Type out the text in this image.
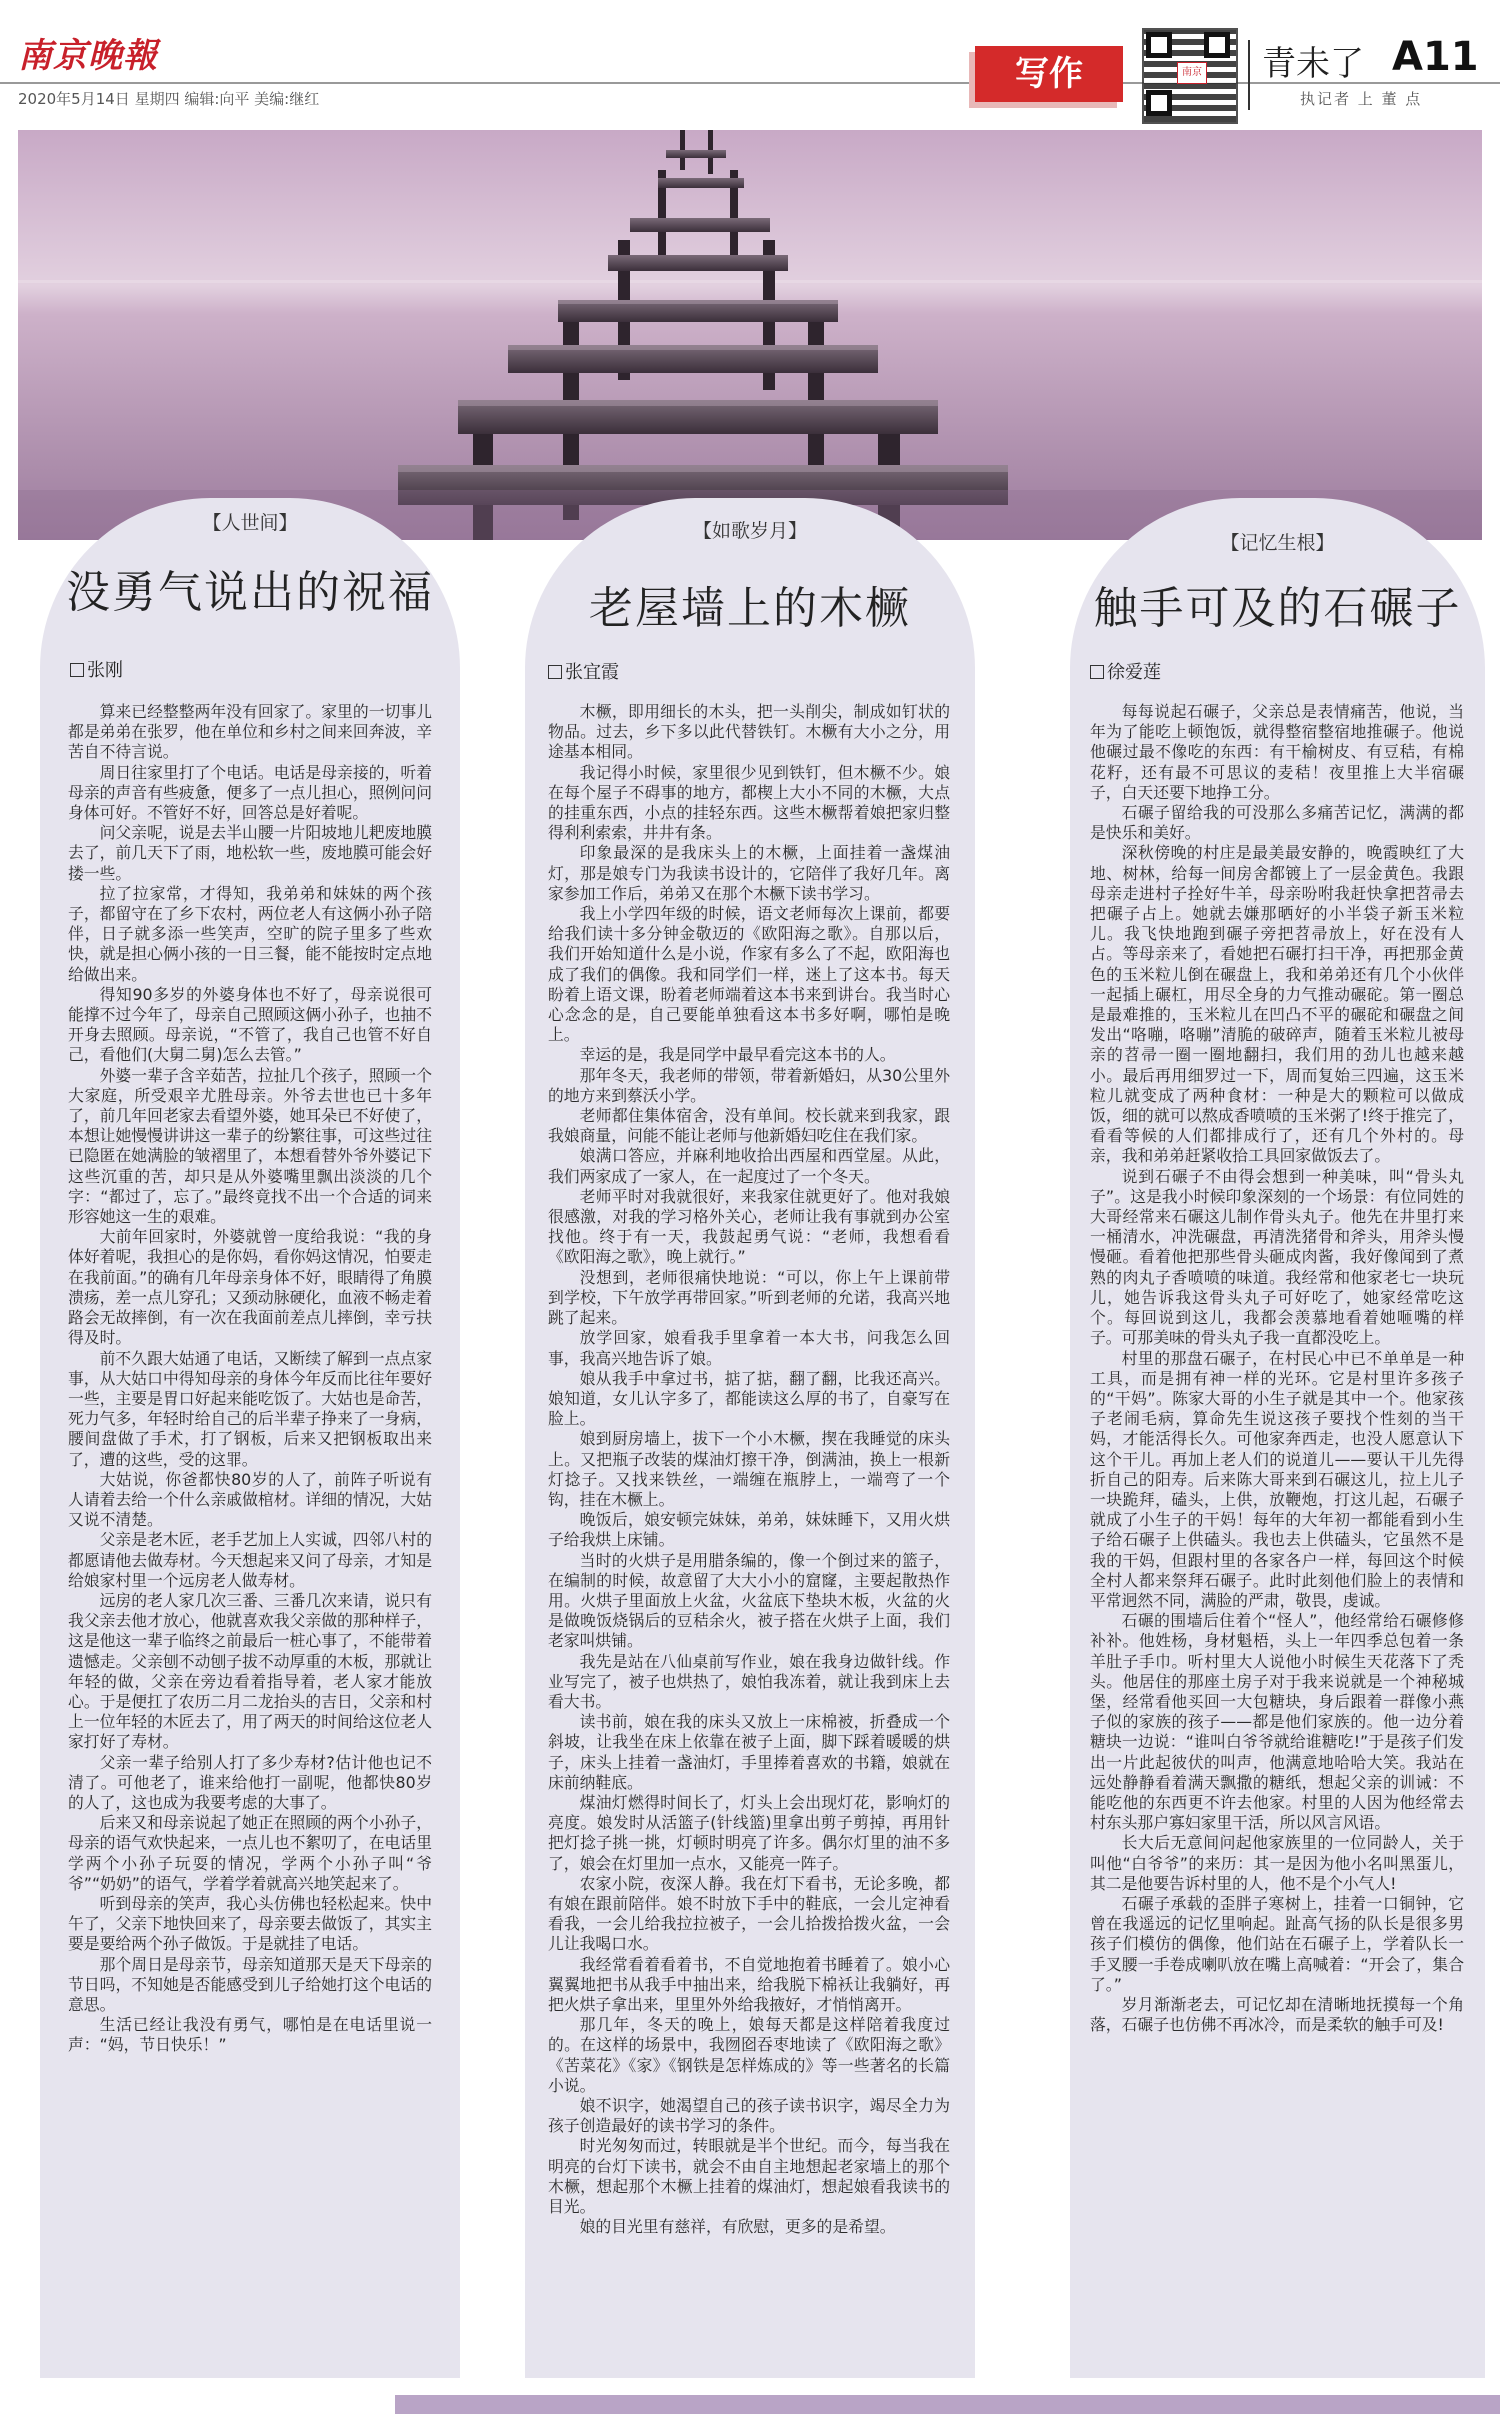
南京晚報
2020年5月14日 星期四 编辑:向平 美编:继红
写作	南京 青未了 A11
执记者 上 董 点
【人世间】
没勇气说出的祝福
张刚

算来已经整整两年没有回家了。家里的一切事儿都是弟弟在张罗，他在单位和乡村之间来回奔波，辛苦自不待言说。

周日往家里打了个电话。电话是母亲接的，听着母亲的声音有些疲惫，便多了一点儿担心，照例问问身体可好。不管好不好，回答总是好着呢。

问父亲呢，说是去半山腰一片阳坡地儿耙废地膜去了，前几天下了雨，地松软一些，废地膜可能会好搂一些。

拉了拉家常，才得知，我弟弟和妹妹的两个孩子，都留守在了乡下农村，两位老人有这俩小孙子陪伴，日子就多添一些笑声，空旷的院子里多了些欢快，就是担心俩小孩的一日三餐，能不能按时定点地给做出来。

得知90多岁的外婆身体也不好了，母亲说很可能撑不过今年了，母亲自己照顾这俩小孙子，也抽不开身去照顾。母亲说，“不管了，我自己也管不好自己，看他们(大舅二舅)怎么去管。”

外婆一辈子含辛茹苦，拉扯几个孩子，照顾一个大家庭，所受艰辛尤胜母亲。外爷去世也已十多年了，前几年回老家去看望外婆，她耳朵已不好使了，本想让她慢慢讲讲这一辈子的纷繁往事，可这些过往已隐匿在她满脸的皱褶里了，本想看替外爷外婆记下这些沉重的苦，却只是从外婆嘴里飘出淡淡的几个字：“都过了，忘了。”最终竟找不出一个合适的词来形容她这一生的艰难。

大前年回家时，外婆就曾一度给我说：“我的身体好着呢，我担心的是你妈，看你妈这情况，怕要走在我前面。”的确有几年母亲身体不好，眼睛得了角膜溃疡，差一点儿穿孔；又颈动脉硬化，血液不畅走着路会无故摔倒，有一次在我面前差点儿摔倒，幸亏扶得及时。

前不久跟大姑通了电话，又断续了解到一点点家事，从大姑口中得知母亲的身体今年反而比往年要好一些，主要是胃口好起来能吃饭了。大姑也是命苦，死力气多，年轻时给自己的后半辈子挣来了一身病，腰间盘做了手术，打了钢板，后来又把钢板取出来了，遭的这些，受的这罪。

大姑说，你爸都快80岁的人了，前阵子听说有人请着去给一个什么亲戚做棺材。详细的情况，大姑又说不清楚。

父亲是老木匠，老手艺加上人实诚，四邻八村的都愿请他去做寿材。今天想起来又问了母亲，才知是给娘家村里一个远房老人做寿材。

远房的老人家几次三番、三番几次来请，说只有我父亲去他才放心，他就喜欢我父亲做的那种样子，这是他这一辈子临终之前最后一桩心事了，不能带着遗憾走。父亲刨不动刨子拔不动厚重的木板，那就让年轻的做，父亲在旁边看着指导着，老人家才能放心。于是便扛了农历二月二龙抬头的吉日，父亲和村上一位年轻的木匠去了，用了两天的时间给这位老人家打好了寿材。

父亲一辈子给别人打了多少寿材?估计他也记不清了。可他老了，谁来给他打一副呢，他都快80岁的人了，这也成为我要考虑的大事了。

后来又和母亲说起了她正在照顾的两个小孙子，母亲的语气欢快起来，一点儿也不絮叨了，在电话里学两个小孙子玩耍的情况，学两个小孙子叫“爷爷”“奶奶”的语气，学着学着就高兴地笑起来了。

听到母亲的笑声，我心头仿佛也轻松起来。快中午了，父亲下地快回来了，母亲要去做饭了，其实主要是要给两个孙子做饭。于是就挂了电话。

那个周日是母亲节，母亲知道那天是天下母亲的节日吗，不知她是否能感受到儿子给她打这个电话的意思。

生活已经让我没有勇气，哪怕是在电话里说一声：“妈，节日快乐！”

【如歌岁月】
老屋墙上的木橛
张宜霞

木橛，即用细长的木头，把一头削尖，制成如钉状的物品。过去，乡下多以此代替铁钉。木橛有大小之分，用途基本相同。

我记得小时候，家里很少见到铁钉，但木橛不少。娘在每个屋子不碍事的地方，都楔上大小不同的木橛，大点的挂重东西，小点的挂轻东西。这些木橛帮着娘把家归整得利利索索，井井有条。

印象最深的是我床头上的木橛，上面挂着一盏煤油灯，那是娘专门为我读书设计的，它陪伴了我好几年。离家参加工作后，弟弟又在那个木橛下读书学习。

我上小学四年级的时候，语文老师每次上课前，都要给我们读十多分钟金敬迈的《欧阳海之歌》。自那以后，我们开始知道什么是小说，作家有多么了不起，欧阳海也成了我们的偶像。我和同学们一样，迷上了这本书。每天盼着上语文课，盼着老师端着这本书来到讲台。我当时心心念念的是，自己要能单独看这本书多好啊，哪怕是晚上。

幸运的是，我是同学中最早看完这本书的人。

那年冬天，我老师的带领，带着新婚妇，从30公里外的地方来到蔡沃小学。

老师都住集体宿舍，没有单间。校长就来到我家，跟我娘商量，问能不能让老师与他新婚妇吃住在我们家。

娘满口答应，并麻利地收拾出西屋和西堂屋。从此，我们两家成了一家人，在一起度过了一个冬天。

老师平时对我就很好，来我家住就更好了。他对我娘很感激，对我的学习格外关心，老师让我有事就到办公室找他。终于有一天，我鼓起勇气说：“老师，我想看看《欧阳海之歌》，晚上就行。”

没想到，老师很痛快地说：“可以，你上午上课前带到学校，下午放学再带回家。”听到老师的允诺，我高兴地跳了起来。

放学回家，娘看我手里拿着一本大书，问我怎么回事，我高兴地告诉了娘。

娘从我手中拿过书，掂了掂，翻了翻，比我还高兴。娘知道，女儿认字多了，都能读这么厚的书了，自豪写在脸上。

娘到厨房墙上，拔下一个小木橛，揳在我睡觉的床头上。又把瓶子改装的煤油灯擦干净，倒满油，换上一根新灯捻子。又找来铁丝，一端缠在瓶脖上，一端弯了一个钩，挂在木橛上。

晚饭后，娘安顿完妹妹，弟弟，妹妹睡下，又用火烘子给我烘上床铺。

当时的火烘子是用腊条编的，像一个倒过来的篮子，在编制的时候，故意留了大大小小的窟窿，主要起散热作用。火烘子里面放上火盆，火盆底下垫块木板，火盆的火是做晚饭烧锅后的豆秸余火，被子搭在火烘子上面，我们老家叫烘铺。

我先是站在八仙桌前写作业，娘在我身边做针线。作业写完了，被子也烘热了，娘怕我冻着，就让我到床上去看大书。

读书前，娘在我的床头又放上一床棉被，折叠成一个斜坡，让我坐在床上依靠在被子上面，脚下踩着暖暖的烘子，床头上挂着一盏油灯，手里捧着喜欢的书籍，娘就在床前纳鞋底。

煤油灯燃得时间长了，灯头上会出现灯花，影响灯的亮度。娘发时从活篮子(针线篮)里拿出剪子剪掉，再用针把灯捻子挑一挑，灯顿时明亮了许多。偶尔灯里的油不多了，娘会在灯里加一点水，又能亮一阵子。

农家小院，夜深人静。我在灯下看书，无论多晚，都有娘在跟前陪伴。娘不时放下手中的鞋底，一会儿定神看看我，一会儿给我拉拉被子，一会儿拾拨拾拨火盆，一会儿让我喝口水。

我经常看着看着书，不自觉地抱着书睡着了。娘小心翼翼地把书从我手中抽出来，给我脱下棉袄让我躺好，再把火烘子拿出来，里里外外给我掖好，才悄悄离开。

那几年，冬天的晚上，娘每天都是这样陪着我度过的。在这样的场景中，我囫囵吞枣地读了《欧阳海之歌》《苦菜花》《家》《钢铁是怎样炼成的》等一些著名的长篇小说。

娘不识字，她渴望自己的孩子读书识字，竭尽全力为孩子创造最好的读书学习的条件。

时光匆匆而过，转眼就是半个世纪。而今，每当我在明亮的台灯下读书，就会不由自主地想起老家墙上的那个木橛，想起那个木橛上挂着的煤油灯，想起娘看我读书的目光。

娘的目光里有慈祥，有欣慰，更多的是希望。

【记忆生根】
触手可及的石碾子
徐爱莲

每每说起石碾子，父亲总是表情痛苦，他说，当年为了能吃上顿饱饭，就得整宿整宿地推碾子。他说他碾过最不像吃的东西：有干榆树皮、有豆秸，有棉花籽，还有最不可思议的麦秸！夜里推上大半宿碾子，白天还要下地挣工分。

石碾子留给我的可没那么多痛苦记忆，满满的都是快乐和美好。

深秋傍晚的村庄是最美最安静的，晚霞映红了大地、树林，给每一间房舍都镀上了一层金黄色。我跟母亲走进村子拴好牛羊，母亲吩咐我赶快拿把苕帚去把碾子占上。她就去嫌那晒好的小半袋子新玉米粒儿。我飞快地跑到碾子旁把苕帚放上，好在没有人占。等母亲来了，看她把石碾打扫干净，再把那金黄色的玉米粒儿倒在碾盘上，我和弟弟还有几个小伙伴一起插上碾杠，用尽全身的力气推动碾砣。第一圈总是最难推的，玉米粒儿在凹凸不平的碾砣和碾盘之间发出“咯嘣，咯嘣”清脆的破碎声，随着玉米粒儿被母亲的苕帚一圈一圈地翻扫，我们用的劲儿也越来越小。最后再用细罗过一下，周而复始三四遍，这玉米粒儿就变成了两种食材：一种是大的颗粒可以做成饭，细的就可以熬成香喷喷的玉米粥了!终于推完了，看看等候的人们都排成行了，还有几个外村的。母亲，我和弟弟赶紧收拾工具回家做饭去了。

说到石碾子不由得会想到一种美味，叫“骨头丸子”。这是我小时候印象深刻的一个场景：有位同姓的大哥经常来石碾这儿制作骨头丸子。他先在井里打来一桶清水，冲洗碾盘，再清洗猪骨和斧头，用斧头慢慢砸。看着他把那些骨头砸成肉酱，我好像闻到了煮熟的肉丸子香喷喷的味道。我经常和他家老七一块玩儿，她告诉我这骨头丸子可好吃了，她家经常吃这个。每回说到这儿，我都会羡慕地看着她咂嘴的样子。可那美味的骨头丸子我一直都没吃上。

村里的那盘石碾子，在村民心中已不单单是一种工具，而是拥有神一样的光环。它是村里许多孩子的“干妈”。陈家大哥的小生子就是其中一个。他家孩子老闹毛病，算命先生说这孩子要找个性刻的当干妈，才能活得长久。可他家奔西走，也没人愿意认下这个干儿。再加上老人们的说道儿——要认干儿先得折自己的阳寿。后来陈大哥来到石碾这儿，拉上儿子一块跪拜，磕头，上供，放鞭炮，打这儿起，石碾子就成了小生子的干妈！每年的大年初一都能看到小生子给石碾子上供磕头。我也去上供磕头，它虽然不是我的干妈，但跟村里的各家各户一样，每回这个时候全村人都来祭拜石碾子。此时此刻他们脸上的表情和平常迥然不同，满脸的严肃，敬畏，虔诚。

石碾的围墙后住着个“怪人”，他经常给石碾修修补补。他姓杨，身材魁梧，头上一年四季总包着一条羊肚子手巾。听村里大人说他小时候生天花落下了秃头。他居住的那座土房子对于我来说就是一个神秘城堡，经常看他买回一大包糖块，身后跟着一群像小燕子似的家族的孩子——都是他们家族的。他一边分着糖块一边说：“谁叫白爷爷就给谁糖吃!”于是孩子们发出一片此起彼伏的叫声，他满意地哈哈大笑。我站在远处静静看着满天飘撒的糖纸，想起父亲的训诫：不能吃他的东西更不许去他家。村里的人因为他经常去村东头那户寡妇家里干活，所以风言风语。

长大后无意间问起他家族里的一位同龄人，关于叫他“白爷爷”的来历：其一是因为他小名叫黑蛋儿，其二是他要告诉村里的人，他不是个小气人!

石碾子承载的歪胖子寒树上，挂着一口铜钟，它曾在我遥远的记忆里响起。趾高气扬的队长是很多男孩子们模仿的偶像，他们站在石碾子上，学着队长一手叉腰一手卷成喇叭放在嘴上高喊着：“开会了，集合了。”

岁月渐渐老去，可记忆却在清晰地抚摸每一个角落，石碾子也仿佛不再冰冷，而是柔软的触手可及!
